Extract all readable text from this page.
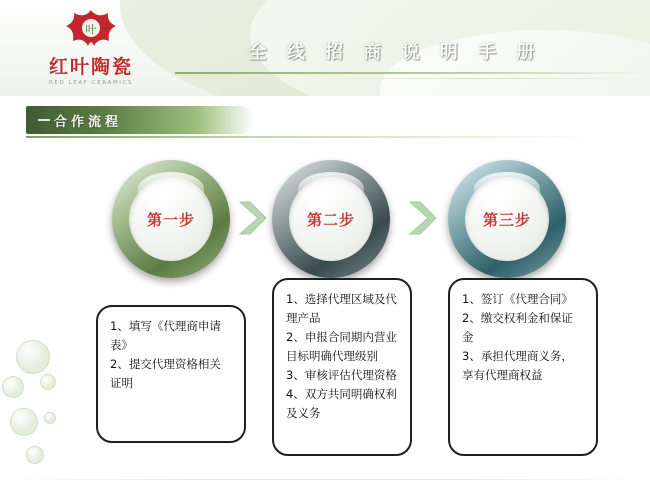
全 线 招 商 说 明 手 册
叶
红叶陶瓷
RED LEAF CERAMICS
合作流程
第一步	第二步	第三步
1、填写《代理商申请表》
2、提交代理资格相关证明
1、选择代理区域及代理产品
2、申报合同期内营业目标明确代理级别
3、审核评估代理资格
4、双方共同明确权利及义务
1、签订《代理合同》
2、缴交权利金和保证金
3、承担代理商义务，享有代理商权益
